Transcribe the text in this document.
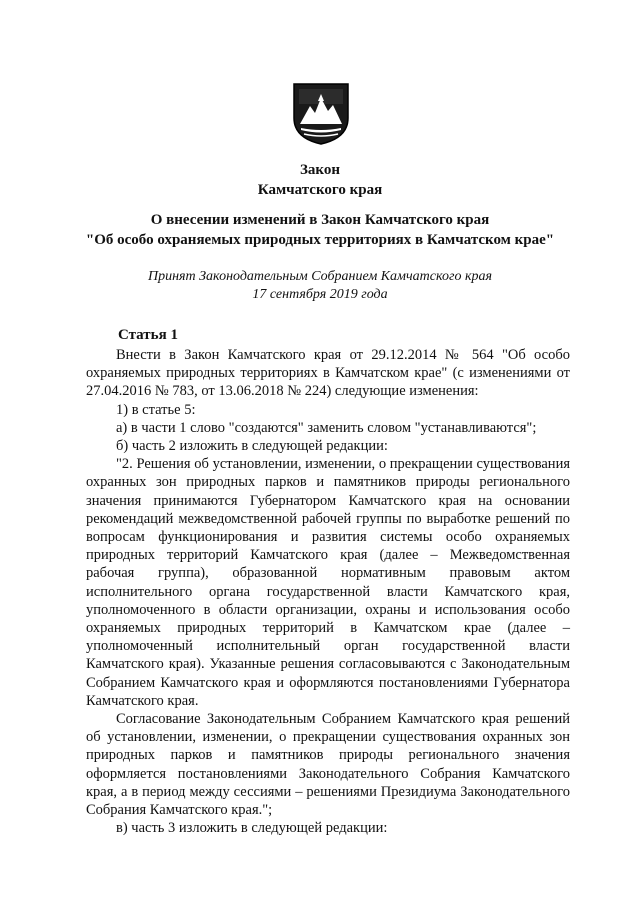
Закон
Камчатского края
О внесении изменений в Закон Камчатского края
"Об особо охраняемых природных территориях в Камчатском крае"
Принят Законодательным Собранием Камчатского края
17 сентября 2019 года
Статья 1

Внести в Закон Камчатского края от 29.12.2014 № 564 "Об особо охраняемых природных территориях в Камчатском крае" (с изменениями от 27.04.2016 № 783, от 13.06.2018 № 224) следующие изменения:

1) в статье 5:

а) в части 1 слово "создаются" заменить словом "устанавливаются";

б) часть 2 изложить в следующей редакции:

"2. Решения об установлении, изменении, о прекращении существования охранных зон природных парков и памятников природы регионального значения принимаются Губернатором Камчатского края на основании рекомендаций межведомственной рабочей группы по выработке решений по вопросам функционирования и развития системы особо охраняемых природных территорий Камчатского края (далее – Межведомственная рабочая группа), образованной нормативным правовым актом исполнительного органа государственной власти Камчатского края, уполномоченного в области организации, охраны и использования особо охраняемых природных территорий в Камчатском крае (далее – уполномоченный исполнительный орган государственной власти Камчатского края). Указанные решения согласовываются с Законодательным Собранием Камчатского края и оформляются постановлениями Губернатора Камчатского края.

Согласование Законодательным Собранием Камчатского края решений об установлении, изменении, о прекращении существования охранных зон природных парков и памятников природы регионального значения оформляется постановлениями Законодательного Собрания Камчатского края, а в период между сессиями – решениями Президиума Законодательного Собрания Камчатского края.";

в) часть 3 изложить в следующей редакции:
